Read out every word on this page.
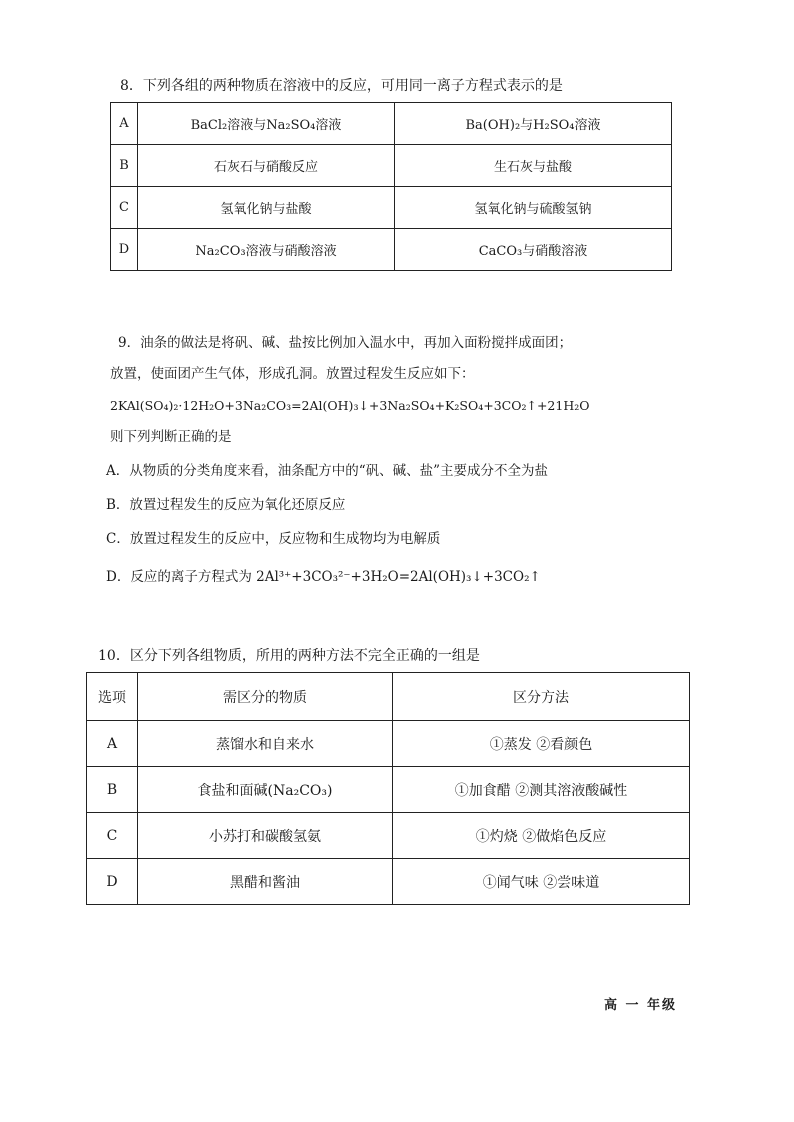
8．下列各组的两种物质在溶液中的反应，可用同一离子方程式表示的是
A	BaCl₂溶液与Na₂SO₄溶液	Ba(OH)₂与H₂SO₄溶液
B	石灰石与硝酸反应	生石灰与盐酸
C	氢氧化钠与盐酸	氢氧化钠与硫酸氢钠
D	Na₂CO₃溶液与硝酸溶液	CaCO₃与硝酸溶液
9．油条的做法是将矾、碱、盐按比例加入温水中，再加入面粉搅拌成面团；
放置，使面团产生气体，形成孔洞。放置过程发生反应如下：
2KAl(SO₄)₂·12H₂O+3Na₂CO₃=2Al(OH)₃↓+3Na₂SO₄+K₂SO₄+3CO₂↑+21H₂O
则下列判断正确的是
A．从物质的分类角度来看，油条配方中的“矾、碱、盐”主要成分不全为盐
B．放置过程发生的反应为氧化还原反应
C．放置过程发生的反应中，反应物和生成物均为电解质
D．反应的离子方程式为 2Al³⁺+3CO₃²⁻+3H₂O=2Al(OH)₃↓+3CO₂↑
10．区分下列各组物质，所用的两种方法不完全正确的一组是
选项	需区分的物质	区分方法
A	蒸馏水和自来水	①蒸发 ②看颜色
B	食盐和面碱(Na₂CO₃)	①加食醋 ②测其溶液酸碱性
C	小苏打和碳酸氢氨	①灼烧 ②做焰色反应
D	黑醋和酱油	①闻气味 ②尝味道
高 一 年级
